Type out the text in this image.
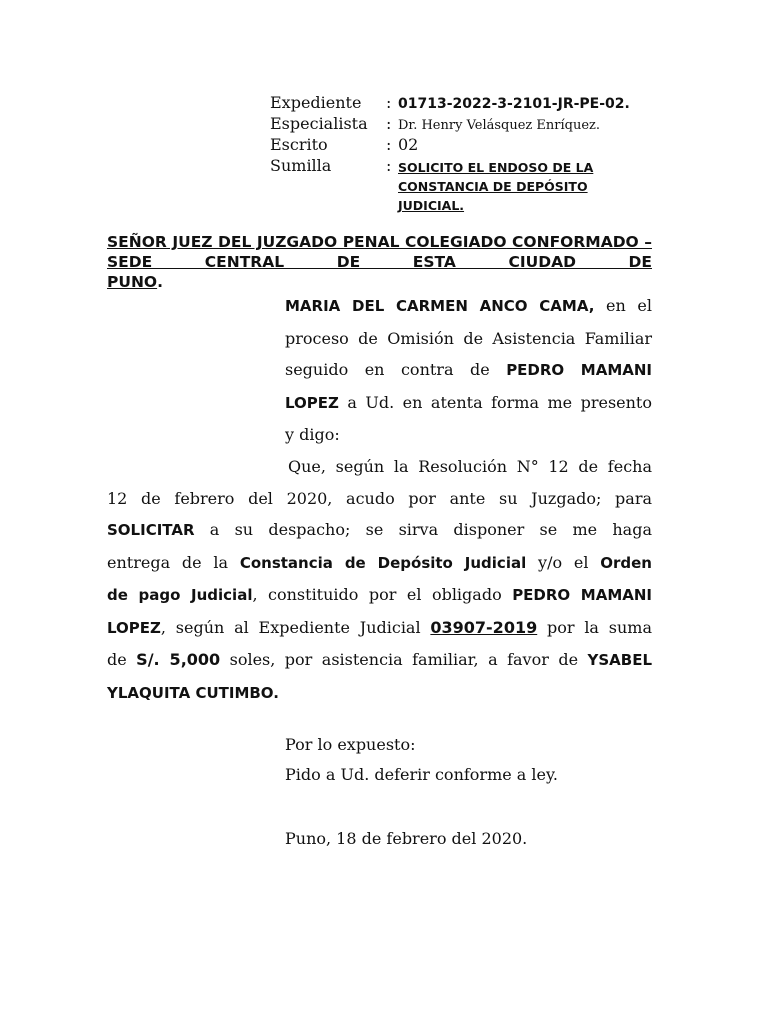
Expediente : 01713-2022-3-2101-JR-PE-02.
Especialista : Dr. Henry Velásquez Enríquez.
Escrito	: 02
Sumilla	: SOLICITO EL ENDOSO DE LA
CONSTANCIA DE DEPÓSITO
JUDICIAL.
SEÑOR JUEZ DEL JUZGADO PENAL COLEGIADO CONFORMADO – SEDE CENTRAL DE ESTA CIUDAD DE
PUNO.
MARIA DEL CARMEN ANCO CAMA, en el
proceso de Omisión de Asistencia Familiar
seguido en contra de PEDRO MAMANI
LOPEZ a Ud. en atenta forma me presento
y digo:
Que, según la Resolución N° 12 de fecha
12 de febrero del 2020, acudo por ante su Juzgado; para
SOLICITAR a su despacho; se sirva disponer se me haga
entrega de la Constancia de Depósito Judicial y/o el Orden
de pago Judicial, constituido por el obligado PEDRO MAMANI
LOPEZ, según al Expediente Judicial 03907-2019 por la suma
de S/. 5,000 soles, por asistencia familiar, a favor de YSABEL
YLAQUITA CUTIMBO.
Por lo expuesto:
Pido a Ud. deferir conforme a ley.
Puno, 18 de febrero del 2020.
